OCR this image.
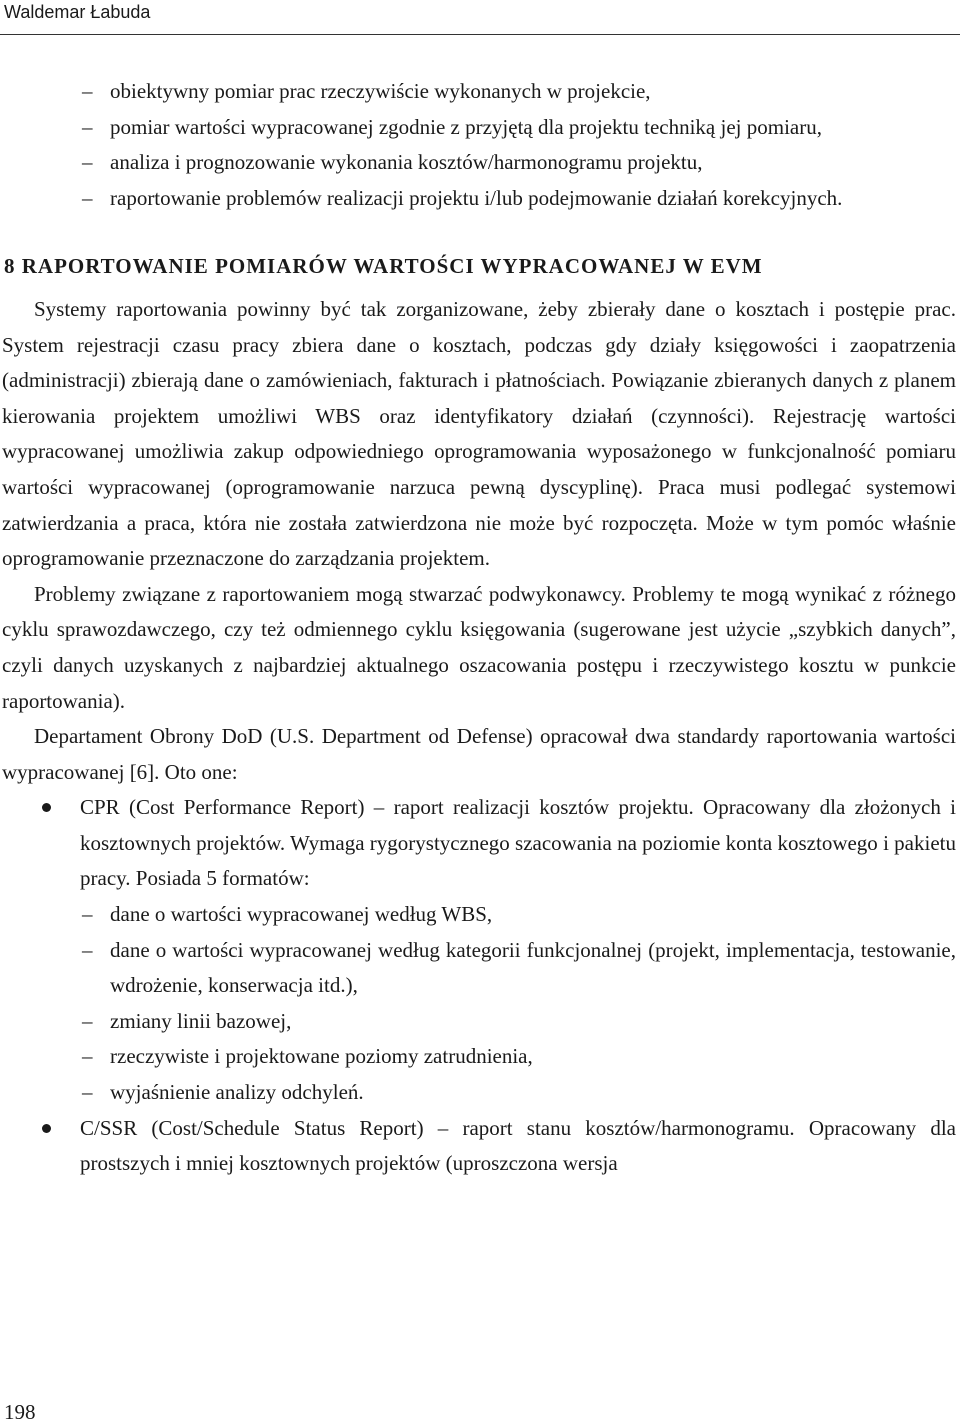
Waldemar Łabuda
– obiektywny pomiar prac rzeczywiście wykonanych w projekcie,
– pomiar wartości wypracowanej zgodnie z przyjętą dla projektu techniką jej pomiaru,
– analiza i prognozowanie wykonania kosztów/harmonogramu projektu,
– raportowanie problemów realizacji projektu i/lub podejmowanie działań korekcyjnych.
8 RAPORTOWANIE POMIARÓW WARTOŚCI WYPRACOWANEJ W EVM
Systemy raportowania powinny być tak zorganizowane, żeby zbierały dane o kosztach i postępie prac. System rejestracji czasu pracy zbiera dane o kosztach, podczas gdy działy księgowości i zaopatrzenia (administracji) zbierają dane o zamówieniach, fakturach i płatnościach. Powiązanie zbieranych danych z planem kierowania projektem umożliwi WBS oraz identyfikatory działań (czynności). Rejestrację wartości wypracowanej umożliwia zakup odpowiedniego oprogramowania wyposażonego w funkcjonalność pomiaru wartości wypracowanej (oprogramowanie narzuca pewną dyscyplinę). Praca musi podlegać systemowi zatwierdzania a praca, która nie została zatwierdzona nie może być rozpoczęta. Może w tym pomóc właśnie oprogramowanie przeznaczone do zarządzania projektem.
Problemy związane z raportowaniem mogą stwarzać podwykonawcy. Problemy te mogą wynikać z różnego cyklu sprawozdawczego, czy też odmiennego cyklu księgowania (sugerowane jest użycie „szybkich danych”, czyli danych uzyskanych z najbardziej aktualnego oszacowania postępu i rzeczywistego kosztu w punkcie raportowania).
Departament Obrony DoD (U.S. Department od Defense) opracował dwa standardy raportowania wartości wypracowanej [6]. Oto one:
CPR (Cost Performance Report) – raport realizacji kosztów projektu. Opracowany dla złożonych i kosztownych projektów. Wymaga rygorystycznego szacowania na poziomie konta kosztowego i pakietu pracy. Posiada 5 formatów:
– dane o wartości wypracowanej według WBS,
– dane o wartości wypracowanej według kategorii funkcjonalnej (projekt, implementacja, testowanie, wdrożenie, konserwacja itd.),
– zmiany linii bazowej,
– rzeczywiste i projektowane poziomy zatrudnienia,
– wyjaśnienie analizy odchyleń.
C/SSR (Cost/Schedule Status Report) – raport stanu kosztów/harmonogramu. Opracowany dla prostszych i mniej kosztownych projektów (uproszczona wersja
198
